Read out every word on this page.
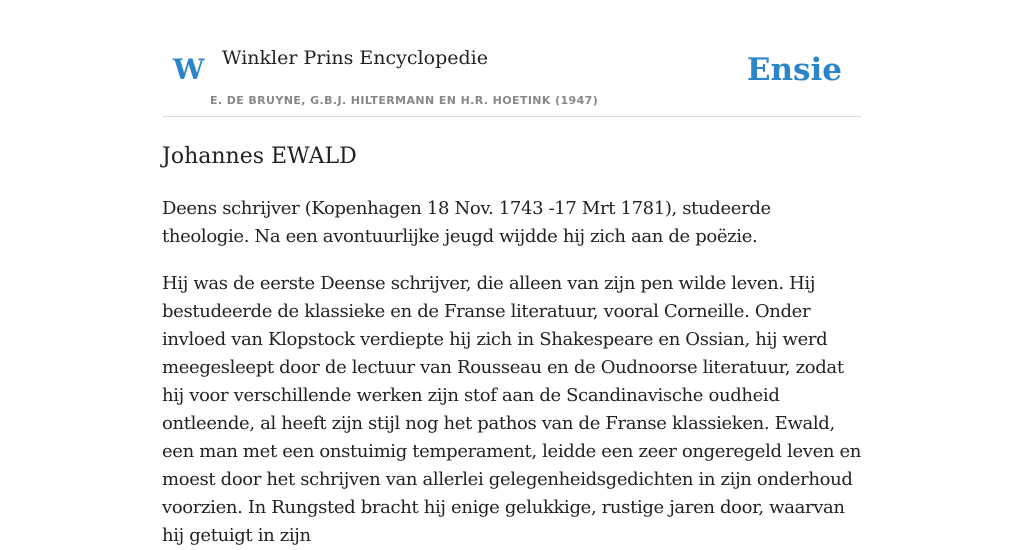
W Winkler Prins Encyclopedie
E. DE BRUYNE, G.B.J. HILTERMANN EN H.R. HOETINK (1947)
Ensie
Johannes EWALD

Deens schrijver (Kopenhagen 18 Nov. 1743 -17 Mrt 1781), studeerde theologie. Na een avontuurlijke jeugd wijdde hij zich aan de poëzie.

Hij was de eerste Deense schrijver, die alleen van zijn pen wilde leven. Hij bestudeerde de klassieke en de Franse literatuur, vooral Corneille. Onder invloed van Klopstock verdiepte hij zich in Shakespeare en Ossian, hij werd meegesleept door de lectuur van Rousseau en de Oudnoorse literatuur, zodat hij voor verschillende werken zijn stof aan de Scandinavische oudheid ontleende, al heeft zijn stijl nog het pathos van de Franse klassieken. Ewald, een man met een onstuimig temperament, leidde een zeer ongeregeld leven en moest door het schrijven van allerlei gelegenheidsgedichten in zijn onderhoud voorzien. In Rungsted bracht hij enige gelukkige, rustige jaren door, waarvan hij getuigt in zijn
